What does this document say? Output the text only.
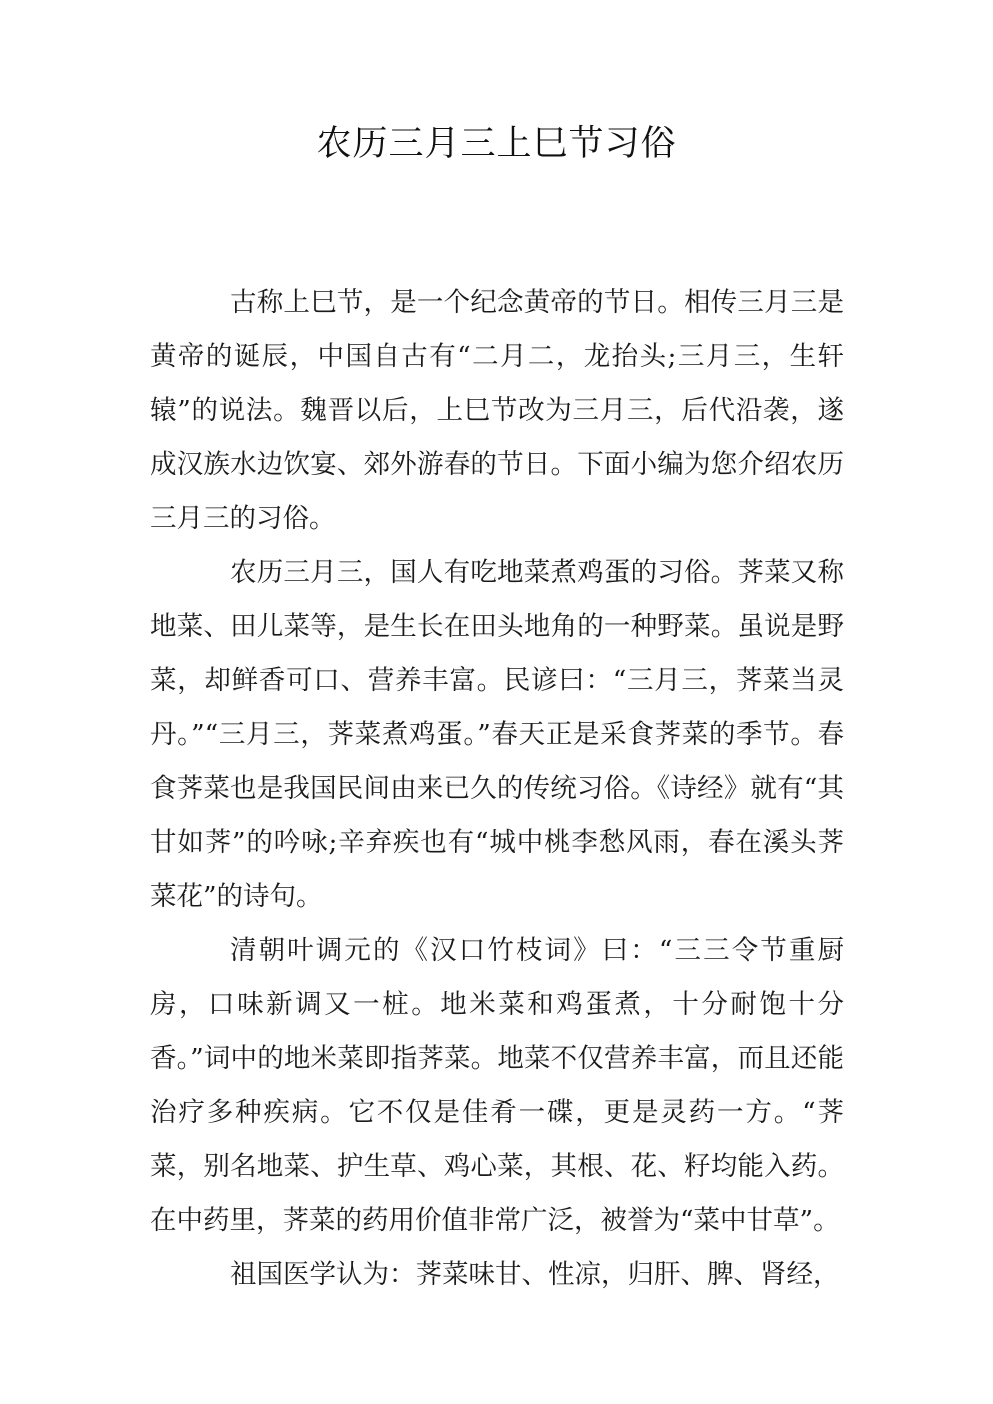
农历三月三上巳节习俗

古称上巳节，是一个纪念黄帝的节日。相传三月三是黄帝的诞辰，中国自古有“二月二，龙抬头;三月三，生轩辕”的说法。魏晋以后，上巳节改为三月三，后代沿袭，遂成汉族水边饮宴、郊外游春的节日。下面小编为您介绍农历三月三的习俗。

农历三月三，国人有吃地菜煮鸡蛋的习俗。荠菜又称地菜、田儿菜等，是生长在田头地角的一种野菜。虽说是野菜，却鲜香可口、营养丰富。民谚曰：“三月三，荠菜当灵丹。”“三月三，荠菜煮鸡蛋。”春天正是采食荠菜的季节。春食荠菜也是我国民间由来已久的传统习俗。《诗经》就有“其甘如荠”的吟咏;辛弃疾也有“城中桃李愁风雨，春在溪头荠菜花”的诗句。

清朝叶调元的《汉口竹枝词》曰：“三三令节重厨房，口味新调又一桩。地米菜和鸡蛋煮，十分耐饱十分香。”词中的地米菜即指荠菜。地菜不仅营养丰富，而且还能治疗多种疾病。它不仅是佳肴一碟，更是灵药一方。“荠菜，别名地菜、护生草、鸡心菜，其根、花、籽均能入药。在中药里，荠菜的药用价值非常广泛，被誉为“菜中甘草”。

祖国医学认为：荠菜味甘、性凉，归肝、脾、肾经，
